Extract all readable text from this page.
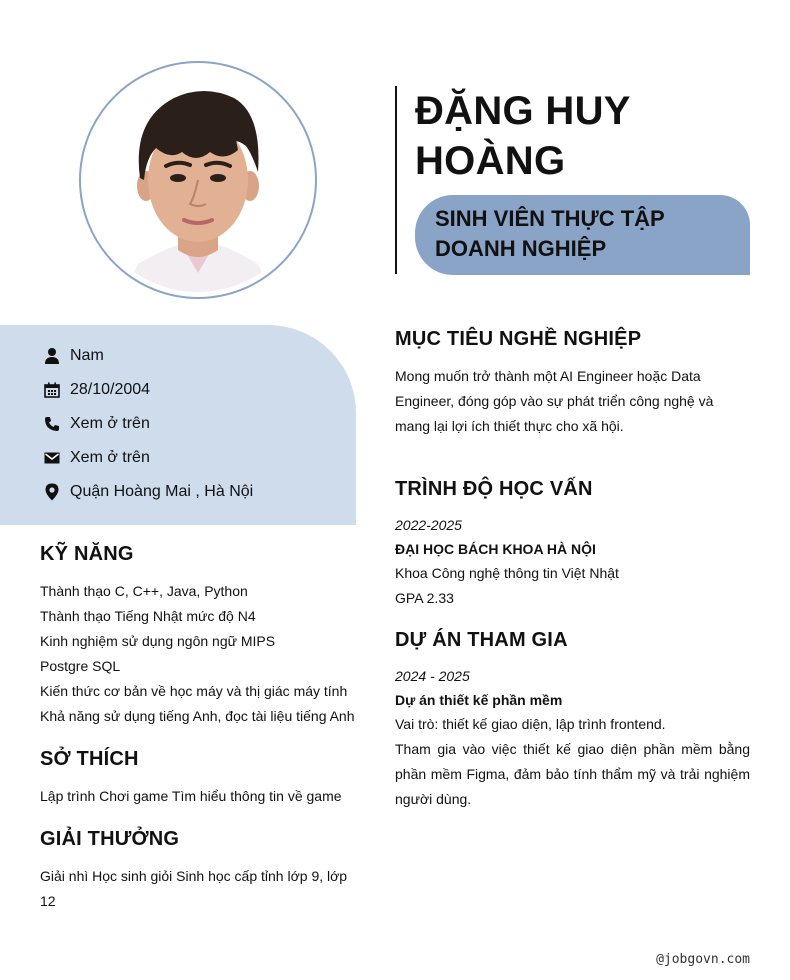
ĐẶNG HUY HOÀNG
SINH VIÊN THỰC TẬP DOANH NGHIỆP
Nam
28/10/2004
Xem ở trên
Xem ở trên
Quận Hoàng Mai , Hà Nội
KỸ NĂNG
Thành thạo C, C++, Java, Python
Thành thạo Tiếng Nhật mức độ N4
Kinh nghiệm sử dụng ngôn ngữ MIPS
Postgre SQL
Kiến thức cơ bản về học máy và thị giác máy tính
Khả năng sử dụng tiếng Anh, đọc tài liệu tiếng Anh
SỞ THÍCH
Lập trình Chơi game Tìm hiểu thông tin về game
GIẢI THƯỞNG
Giải nhì Học sinh giỏi Sinh học cấp tỉnh lớp 9, lớp 12
MỤC TIÊU NGHỀ NGHIỆP
Mong muốn trở thành một AI Engineer hoặc Data Engineer, đóng góp vào sự phát triển công nghệ và mang lại lợi ích thiết thực cho xã hội.
TRÌNH ĐỘ HỌC VẤN
2022-2025
ĐẠI HỌC BÁCH KHOA HÀ NỘI
Khoa Công nghệ thông tin Việt Nhật
GPA 2.33
DỰ ÁN THAM GIA
2024 - 2025
Dự án thiết kế phần mềm
Vai trò: thiết kế giao diện, lập trình frontend.
Tham gia vào việc thiết kế giao diện phần mềm bằng phần mềm Figma, đảm bảo tính thẩm mỹ và trải nghiệm người dùng.
@jobgovn.com
